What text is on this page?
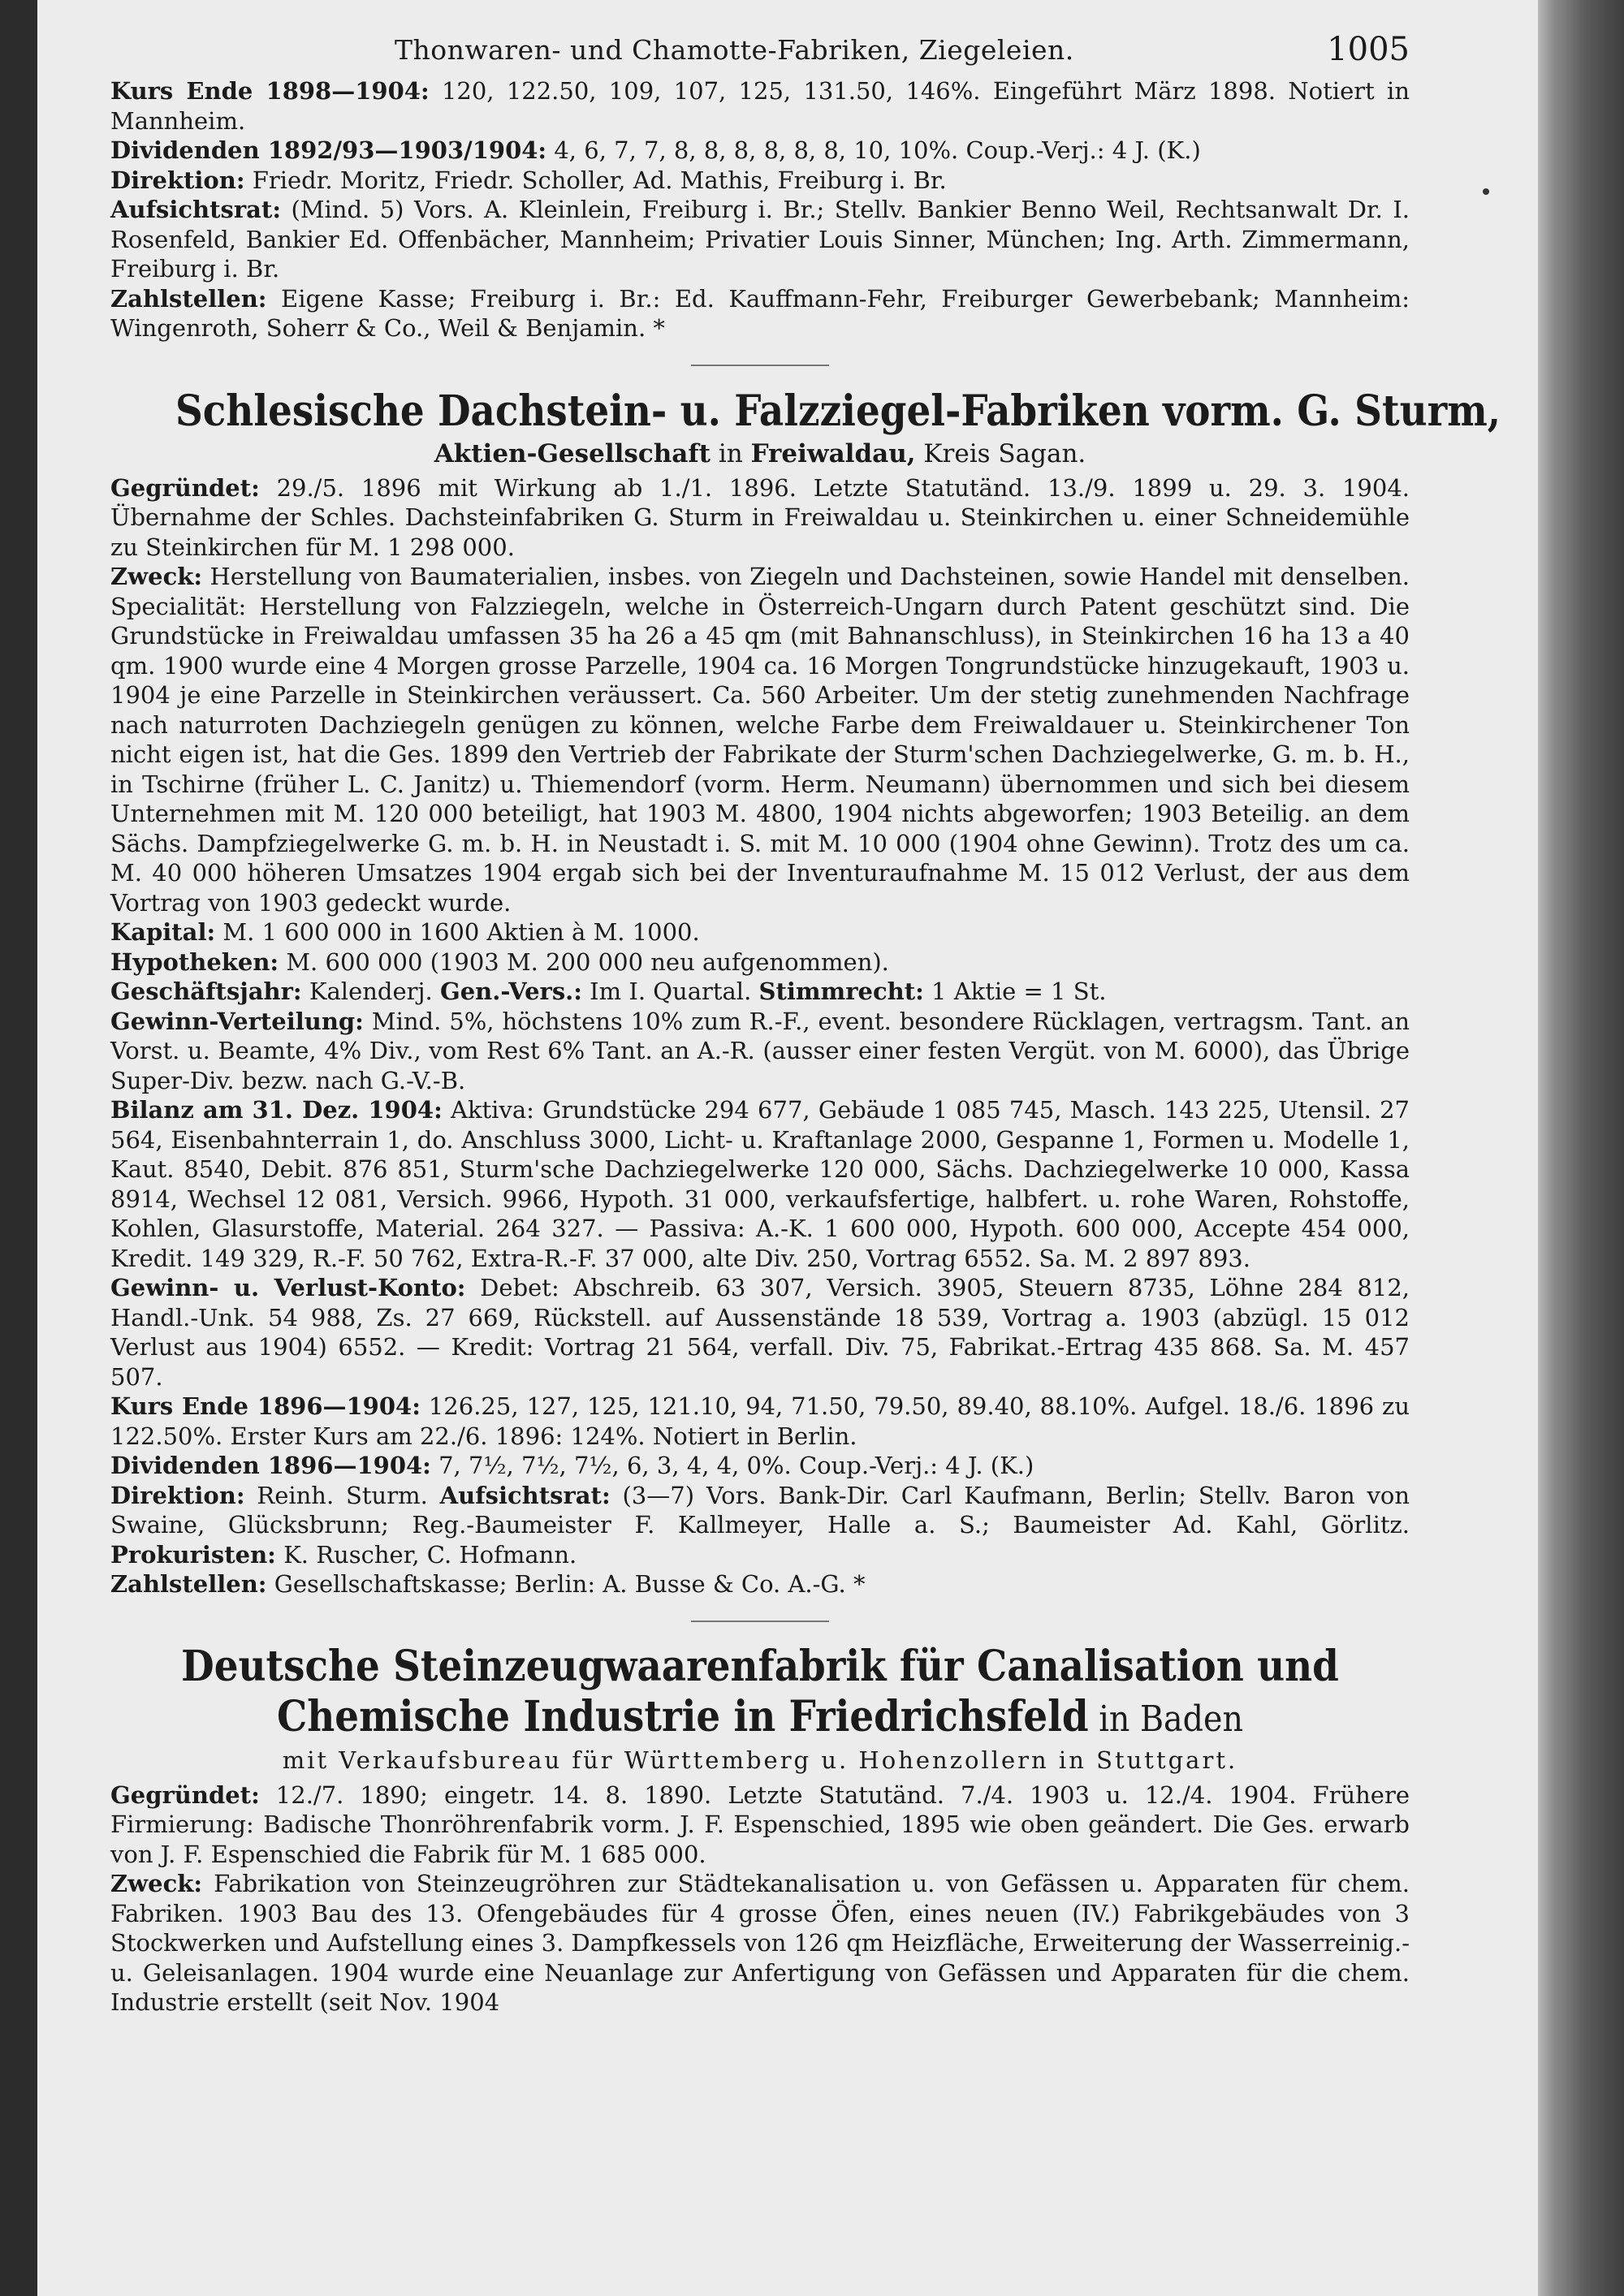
Thonwaren- und Chamotte-Fabriken, Ziegeleien.	1005

Kurs Ende 1898—1904: 120, 122.50, 109, 107, 125, 131.50, 146%. Eingeführt März 1898. Notiert in Mannheim.

Dividenden 1892/93—1903/1904: 4, 6, 7, 7, 8, 8, 8, 8, 8, 8, 10, 10%. Coup.-Verj.: 4 J. (K.)

Direktion: Friedr. Moritz, Friedr. Scholler, Ad. Mathis, Freiburg i. Br.

Aufsichtsrat: (Mind. 5) Vors. A. Kleinlein, Freiburg i. Br.; Stellv. Bankier Benno Weil, Rechtsanwalt Dr. I. Rosenfeld, Bankier Ed. Offenbächer, Mannheim; Privatier Louis Sinner, München; Ing. Arth. Zimmermann, Freiburg i. Br.

Zahlstellen: Eigene Kasse; Freiburg i. Br.: Ed. Kauffmann-Fehr, Freiburger Gewerbebank; Mannheim: Wingenroth, Soherr & Co., Weil & Benjamin. *

Schlesische Dachstein- u. Falzziegel-Fabriken vorm. G. Sturm,
Aktien-Gesellschaft in Freiwaldau, Kreis Sagan.

Gegründet: 29./5. 1896 mit Wirkung ab 1./1. 1896. Letzte Statutänd. 13./9. 1899 u. 29. 3. 1904. Übernahme der Schles. Dachsteinfabriken G. Sturm in Freiwaldau u. Steinkirchen u. einer Schneidemühle zu Steinkirchen für M. 1 298 000.

Zweck: Herstellung von Baumaterialien, insbes. von Ziegeln und Dachsteinen, sowie Handel mit denselben. Specialität: Herstellung von Falzziegeln, welche in Österreich-Ungarn durch Patent geschützt sind. Die Grundstücke in Freiwaldau umfassen 35 ha 26 a 45 qm (mit Bahnanschluss), in Steinkirchen 16 ha 13 a 40 qm. 1900 wurde eine 4 Morgen grosse Parzelle, 1904 ca. 16 Morgen Tongrundstücke hinzugekauft, 1903 u. 1904 je eine Parzelle in Steinkirchen veräussert. Ca. 560 Arbeiter. Um der stetig zunehmenden Nachfrage nach naturroten Dachziegeln genügen zu können, welche Farbe dem Freiwaldauer u. Steinkirchener Ton nicht eigen ist, hat die Ges. 1899 den Vertrieb der Fabrikate der Sturm'schen Dachziegelwerke, G. m. b. H., in Tschirne (früher L. C. Janitz) u. Thiemendorf (vorm. Herm. Neumann) übernommen und sich bei diesem Unternehmen mit M. 120 000 beteiligt, hat 1903 M. 4800, 1904 nichts abgeworfen; 1903 Beteilig. an dem Sächs. Dampfziegelwerke G. m. b. H. in Neustadt i. S. mit M. 10 000 (1904 ohne Gewinn). Trotz des um ca. M. 40 000 höheren Umsatzes 1904 ergab sich bei der Inventuraufnahme M. 15 012 Verlust, der aus dem Vortrag von 1903 gedeckt wurde.

Kapital: M. 1 600 000 in 1600 Aktien à M. 1000.

Hypotheken: M. 600 000 (1903 M. 200 000 neu aufgenommen).

Geschäftsjahr: Kalenderj. Gen.-Vers.: Im I. Quartal. Stimmrecht: 1 Aktie = 1 St.

Gewinn-Verteilung: Mind. 5%, höchstens 10% zum R.-F., event. besondere Rücklagen, vertragsm. Tant. an Vorst. u. Beamte, 4% Div., vom Rest 6% Tant. an A.-R. (ausser einer festen Vergüt. von M. 6000), das Übrige Super-Div. bezw. nach G.-V.-B.

Bilanz am 31. Dez. 1904: Aktiva: Grundstücke 294 677, Gebäude 1 085 745, Masch. 143 225, Utensil. 27 564, Eisenbahnterrain 1, do. Anschluss 3000, Licht- u. Kraftanlage 2000, Gespanne 1, Formen u. Modelle 1, Kaut. 8540, Debit. 876 851, Sturm'sche Dachziegelwerke 120 000, Sächs. Dachziegelwerke 10 000, Kassa 8914, Wechsel 12 081, Versich. 9966, Hypoth. 31 000, verkaufsfertige, halbfert. u. rohe Waren, Rohstoffe, Kohlen, Glasurstoffe, Material. 264 327. — Passiva: A.-K. 1 600 000, Hypoth. 600 000, Accepte 454 000, Kredit. 149 329, R.-F. 50 762, Extra-R.-F. 37 000, alte Div. 250, Vortrag 6552. Sa. M. 2 897 893.

Gewinn- u. Verlust-Konto: Debet: Abschreib. 63 307, Versich. 3905, Steuern 8735, Löhne 284 812, Handl.-Unk. 54 988, Zs. 27 669, Rückstell. auf Aussenstände 18 539, Vortrag a. 1903 (abzügl. 15 012 Verlust aus 1904) 6552. — Kredit: Vortrag 21 564, verfall. Div. 75, Fabrikat.-Ertrag 435 868. Sa. M. 457 507.

Kurs Ende 1896—1904: 126.25, 127, 125, 121.10, 94, 71.50, 79.50, 89.40, 88.10%. Aufgel. 18./6. 1896 zu 122.50%. Erster Kurs am 22./6. 1896: 124%. Notiert in Berlin.

Dividenden 1896—1904: 7, 7½, 7½, 7½, 6, 3, 4, 4, 0%. Coup.-Verj.: 4 J. (K.)

Direktion: Reinh. Sturm. Aufsichtsrat: (3—7) Vors. Bank-Dir. Carl Kaufmann, Berlin; Stellv. Baron von Swaine, Glücksbrunn; Reg.-Baumeister F. Kallmeyer, Halle a. S.; Baumeister Ad. Kahl, Görlitz. Prokuristen: K. Ruscher, C. Hofmann.

Zahlstellen: Gesellschaftskasse; Berlin: A. Busse & Co. A.-G. *

Deutsche Steinzeugwaarenfabrik für Canalisation und
Chemische Industrie in Friedrichsfeld in Baden
mit Verkaufsbureau für Württemberg u. Hohenzollern in Stuttgart.

Gegründet: 12./7. 1890; eingetr. 14. 8. 1890. Letzte Statutänd. 7./4. 1903 u. 12./4. 1904. Frühere Firmierung: Badische Thonröhrenfabrik vorm. J. F. Espenschied, 1895 wie oben geändert. Die Ges. erwarb von J. F. Espenschied die Fabrik für M. 1 685 000.

Zweck: Fabrikation von Steinzeugröhren zur Städtekanalisation u. von Gefässen u. Apparaten für chem. Fabriken. 1903 Bau des 13. Ofengebäudes für 4 grosse Öfen, eines neuen (IV.) Fabrikgebäudes von 3 Stockwerken und Aufstellung eines 3. Dampfkessels von 126 qm Heizfläche, Erweiterung der Wasserreinig.- u. Geleisanlagen. 1904 wurde eine Neuanlage zur Anfertigung von Gefässen und Apparaten für die chem. Industrie erstellt (seit Nov. 1904
